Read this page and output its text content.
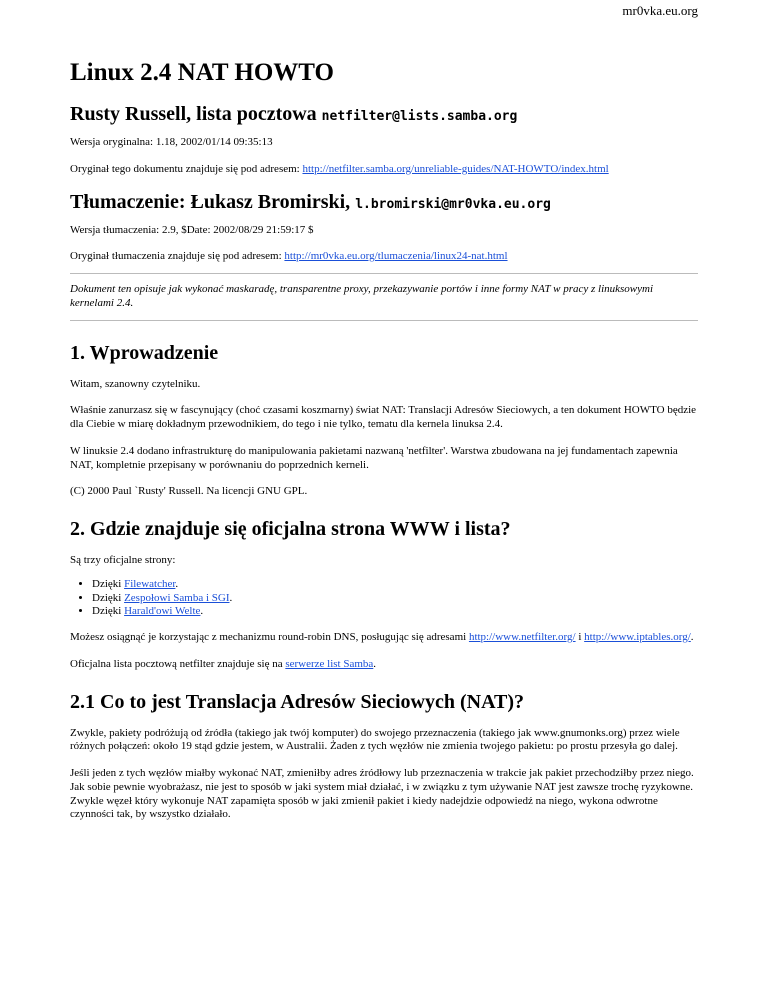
mr0vka.eu.org
Linux 2.4 NAT HOWTO
Rusty Russell, lista pocztowa netfilter@lists.samba.org

Wersja oryginalna: 1.18, 2002/01/14 09:35:13

Oryginał tego dokumentu znajduje się pod adresem: http://netfilter.samba.org/unreliable-guides/NAT-HOWTO/index.html

Tłumaczenie: Łukasz Bromirski, l.bromirski@mr0vka.eu.org

Wersja tłumaczenia: 2.9, $Date: 2002/08/29 21:59:17 $

Oryginał tłumaczenia znajduje się pod adresem: http://mr0vka.eu.org/tlumaczenia/linux24-nat.html

Dokument ten opisuje jak wykonać maskaradę, transparentne proxy, przekazywanie portów i inne formy NAT w pracy z linuksowymi kernelami 2.4.
1. Wprowadzenie

Witam, szanowny czytelniku.

Właśnie zanurzasz się w fascynujący (choć czasami koszmarny) świat NAT: Translacji Adresów Sieciowych, a ten dokument HOWTO będzie dla Ciebie w miarę dokładnym przewodnikiem, do tego i nie tylko, tematu dla kernela linuksa 2.4.

W linuksie 2.4 dodano infrastrukturę do manipulowania pakietami nazwaną 'netfilter'. Warstwa zbudowana na jej fundamentach zapewnia NAT, kompletnie przepisany w porównaniu do poprzednich kerneli.

(C) 2000 Paul `Rusty' Russell. Na licencji GNU GPL.

2. Gdzie znajduje się oficjalna strona WWW i lista?

Są trzy oficjalne strony:

• Dzięki Filewatcher.
• Dzięki Zespołowi Samba i SGI.
• Dzięki Harald'owi Welte.

Możesz osiągnąć je korzystając z mechanizmu round-robin DNS, posługując się adresami http://www.netfilter.org/ i http://www.iptables.org/.

Oficjalna lista pocztową netfilter znajduje się na serwerze list Samba.

2.1 Co to jest Translacja Adresów Sieciowych (NAT)?

Zwykle, pakiety podróżują od źródła (takiego jak twój komputer) do swojego przeznaczenia (takiego jak www.gnumonks.org) przez wiele różnych połączeń: około 19 stąd gdzie jestem, w Australii. Żaden z tych węzłów nie zmienia twojego pakietu: po prostu przesyła go dalej.

Jeśli jeden z tych węzłów miałby wykonać NAT, zmieniłby adres źródłowy lub przeznaczenia w trakcie jak pakiet przechodziłby przez niego. Jak sobie pewnie wyobrażasz, nie jest to sposób w jaki system miał działać, i w związku z tym używanie NAT jest zawsze trochę ryzykowne. Zwykle węzeł który wykonuje NAT zapamięta sposób w jaki zmienił pakiet i kiedy nadejdzie odpowiedź na niego, wykona odwrotne czynności tak, by wszystko działało.
